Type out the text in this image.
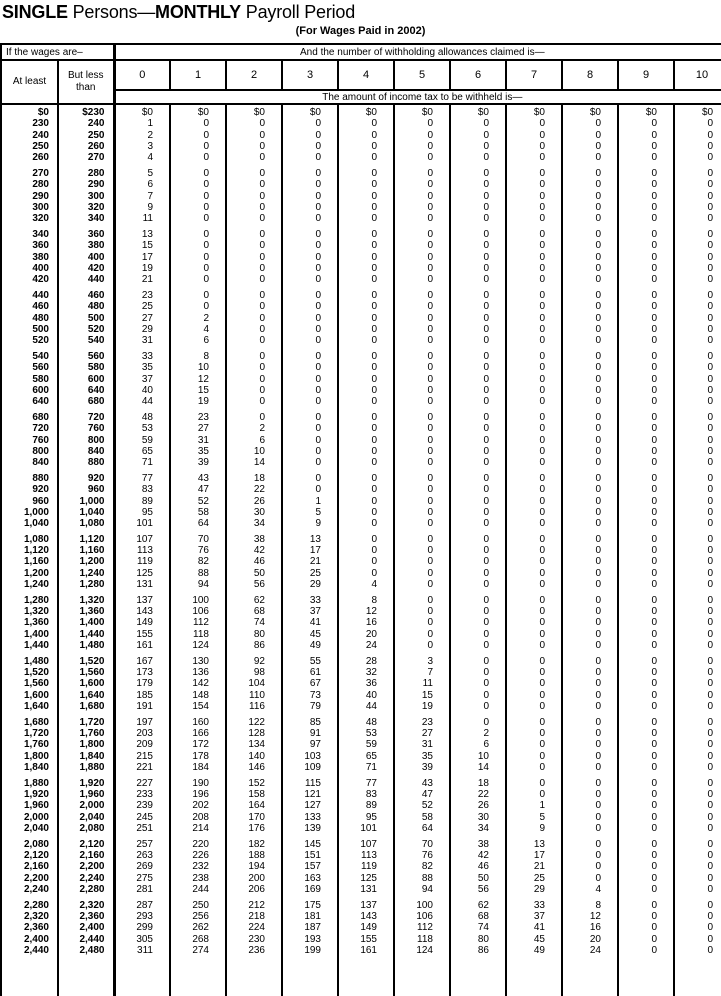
SINGLE Persons—MONTHLY Payroll Period
(For Wages Paid in 2002)
If the wages are–		And the number of withholding allowances claimed is—										
At least	But less than	0	1	2	3	4	5	6	7	8	9	10
		The amount of income tax to be withheld is—										

$0	$230	$0	$0	$0	$0	$0	$0	$0	$0	$0	$0	$0
230	240	1	0	0	0	0	0	0	0	0	0	0
240	250	2	0	0	0	0	0	0	0	0	0	0
250	260	3	0	0	0	0	0	0	0	0	0	0
260	270	4	0	0	0	0	0	0	0	0	0	0

270	280	5	0	0	0	0	0	0	0	0	0	0
280	290	6	0	0	0	0	0	0	0	0	0	0
290	300	7	0	0	0	0	0	0	0	0	0	0
300	320	9	0	0	0	0	0	0	0	0	0	0
320	340	11	0	0	0	0	0	0	0	0	0	0

340	360	13	0	0	0	0	0	0	0	0	0	0
360	380	15	0	0	0	0	0	0	0	0	0	0
380	400	17	0	0	0	0	0	0	0	0	0	0
400	420	19	0	0	0	0	0	0	0	0	0	0
420	440	21	0	0	0	0	0	0	0	0	0	0

440	460	23	0	0	0	0	0	0	0	0	0	0
460	480	25	0	0	0	0	0	0	0	0	0	0
480	500	27	2	0	0	0	0	0	0	0	0	0
500	520	29	4	0	0	0	0	0	0	0	0	0
520	540	31	6	0	0	0	0	0	0	0	0	0

540	560	33	8	0	0	0	0	0	0	0	0	0
560	580	35	10	0	0	0	0	0	0	0	0	0
580	600	37	12	0	0	0	0	0	0	0	0	0
600	640	40	15	0	0	0	0	0	0	0	0	0
640	680	44	19	0	0	0	0	0	0	0	0	0

680	720	48	23	0	0	0	0	0	0	0	0	0
720	760	53	27	2	0	0	0	0	0	0	0	0
760	800	59	31	6	0	0	0	0	0	0	0	0
800	840	65	35	10	0	0	0	0	0	0	0	0
840	880	71	39	14	0	0	0	0	0	0	0	0

880	920	77	43	18	0	0	0	0	0	0	0	0
920	960	83	47	22	0	0	0	0	0	0	0	0
960	1,000	89	52	26	1	0	0	0	0	0	0	0
1,000	1,040	95	58	30	5	0	0	0	0	0	0	0
1,040	1,080	101	64	34	9	0	0	0	0	0	0	0

1,080	1,120	107	70	38	13	0	0	0	0	0	0	0
1,120	1,160	113	76	42	17	0	0	0	0	0	0	0
1,160	1,200	119	82	46	21	0	0	0	0	0	0	0
1,200	1,240	125	88	50	25	0	0	0	0	0	0	0
1,240	1,280	131	94	56	29	4	0	0	0	0	0	0

1,280	1,320	137	100	62	33	8	0	0	0	0	0	0
1,320	1,360	143	106	68	37	12	0	0	0	0	0	0
1,360	1,400	149	112	74	41	16	0	0	0	0	0	0
1,400	1,440	155	118	80	45	20	0	0	0	0	0	0
1,440	1,480	161	124	86	49	24	0	0	0	0	0	0

1,480	1,520	167	130	92	55	28	3	0	0	0	0	0
1,520	1,560	173	136	98	61	32	7	0	0	0	0	0
1,560	1,600	179	142	104	67	36	11	0	0	0	0	0
1,600	1,640	185	148	110	73	40	15	0	0	0	0	0
1,640	1,680	191	154	116	79	44	19	0	0	0	0	0

1,680	1,720	197	160	122	85	48	23	0	0	0	0	0
1,720	1,760	203	166	128	91	53	27	2	0	0	0	0
1,760	1,800	209	172	134	97	59	31	6	0	0	0	0
1,800	1,840	215	178	140	103	65	35	10	0	0	0	0
1,840	1,880	221	184	146	109	71	39	14	0	0	0	0

1,880	1,920	227	190	152	115	77	43	18	0	0	0	0
1,920	1,960	233	196	158	121	83	47	22	0	0	0	0
1,960	2,000	239	202	164	127	89	52	26	1	0	0	0
2,000	2,040	245	208	170	133	95	58	30	5	0	0	0
2,040	2,080	251	214	176	139	101	64	34	9	0	0	0

2,080	2,120	257	220	182	145	107	70	38	13	0	0	0
2,120	2,160	263	226	188	151	113	76	42	17	0	0	0
2,160	2,200	269	232	194	157	119	82	46	21	0	0	0
2,200	2,240	275	238	200	163	125	88	50	25	0	0	0
2,240	2,280	281	244	206	169	131	94	56	29	4	0	0

2,280	2,320	287	250	212	175	137	100	62	33	8	0	0
2,320	2,360	293	256	218	181	143	106	68	37	12	0	0
2,360	2,400	299	262	224	187	149	112	74	41	16	0	0
2,400	2,440	305	268	230	193	155	118	80	45	20	0	0
2,440	2,480	311	274	236	199	161	124	86	49	24	0	0
